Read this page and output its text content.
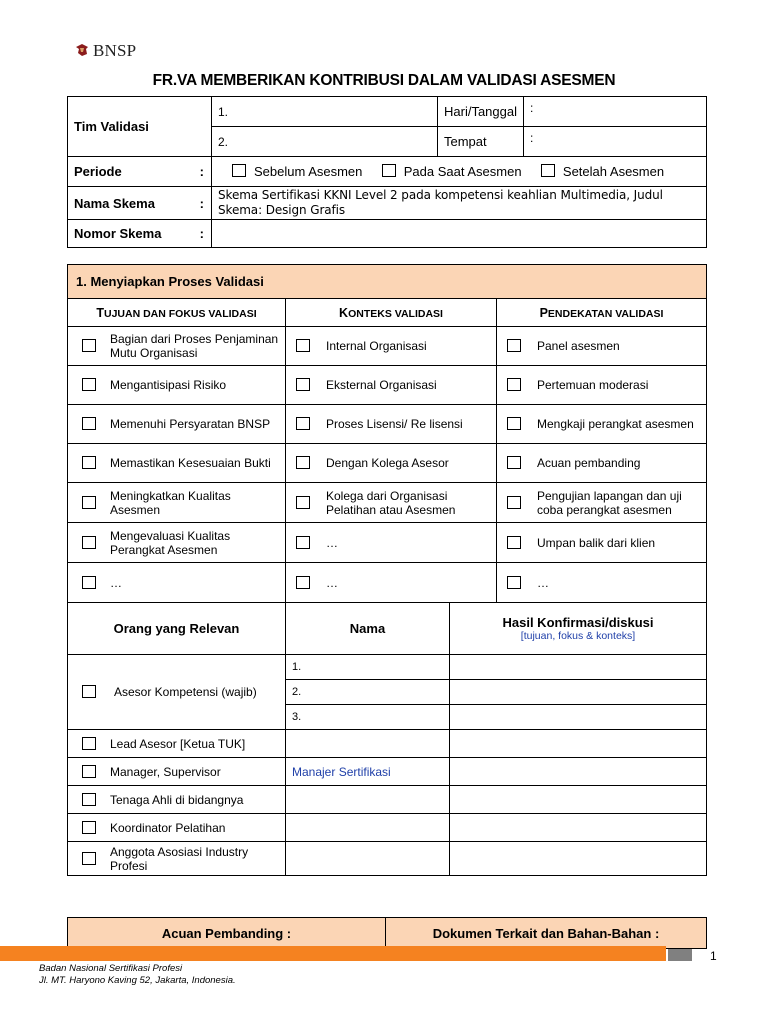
BNSP
FR.VA MEMBERIKAN KONTRIBUSI DALAM VALIDASI ASESMEN
Tim Validasi		1.	Hari/Tanggal	:
		2.	Tempat	:
Periode	:	Sebelum Asesmen Pada Saat Asesmen Setelah Asesmen		
Nama Skema	:	Skema Sertifikasi KKNI Level 2 pada kompetensi keahlian Multimedia, Judul Skema: Design Grafis		
Nomor Skema	:			
1. Menyiapkan Proses Validasi			
TUJUAN DAN FOKUS VALIDASI	KONTEKS VALIDASI		PENDEKATAN VALIDASI

Bagian dari Proses Penjaminan Mutu Organisasi	Internal Organisasi		Panel asesmen

Mengantisipasi Risiko	Eksternal Organisasi		Pertemuan moderasi

Memenuhi Persyaratan BNSP	Proses Lisensi/ Re lisensi		Mengkaji perangkat asesmen

Memastikan Kesesuaian Bukti	Dengan Kolega Asesor		Acuan pembanding

Meningkatkan Kualitas Asesmen	Kolega dari Organisasi Pelatihan atau Asesmen		Pengujian lapangan dan uji coba perangkat asesmen

Mengevaluasi Kualitas Perangkat Asesmen	…		Umpan balik dari klien

…	…		…

Orang yang Relevan	Nama	Hasil Konfirmasi/diskusi
[tujuan, fokus & konteks]	

Asesor Kompetensi (wajib)	1.		
	2.		
	3.		

Lead Asesor [Ketua TUK]			

Manager, Supervisor	Manajer Sertifikasi		

Tenaga Ahli di bidangnya			

Koordinator Pelatihan			

Anggota Asosiasi Industry Profesi			

Acuan Pembanding :	Dokumen Terkait dan Bahan-Bahan :
1
Badan Nasional Sertifikasi Profesi
Jl. MT. Haryono Kaving 52, Jakarta, Indonesia.
